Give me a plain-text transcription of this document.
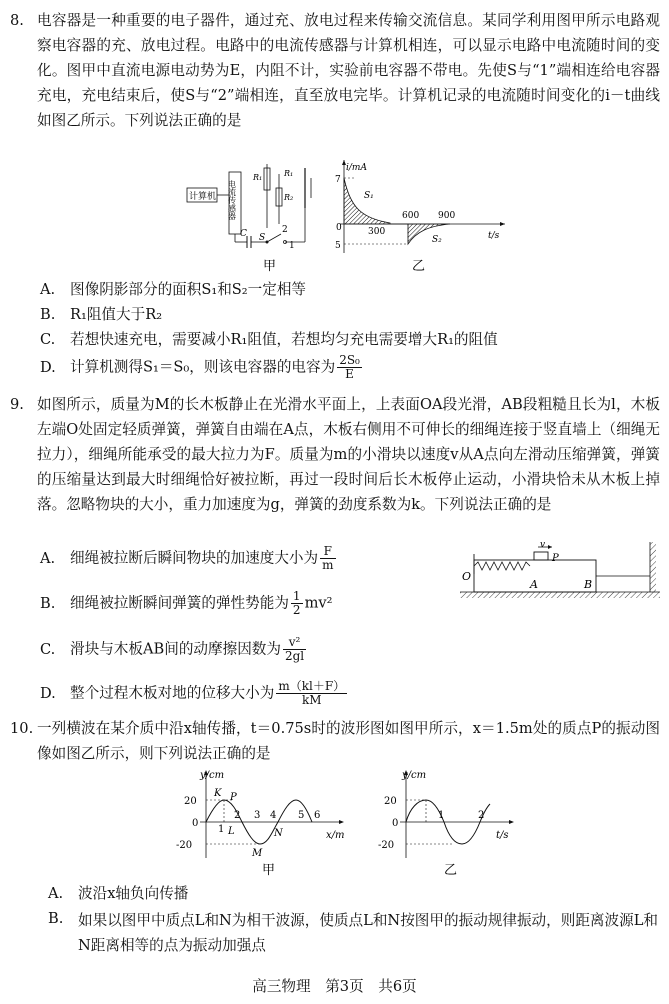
8. 电容器是一种重要的电子器件，通过充、放电过程来传输交流信息。某同学利用图甲所示电路观察电容器的充、放电过程。电路中的电流传感器与计算机相连，可以显示电路中电流随时间的变化。图甲中直流电源电动势为E，内阻不计，实验前电容器不带电。先使S与“1”端相连给电容器充电，充电结束后，使S与“2”端相连，直至放电完毕。计算机记录的电流随时间变化的i－t曲线如图乙所示。下列说法正确的是
计算机 电流传感器
C S
2
1
R₁
R₂
R₁
甲
i/mA
t/s
7
5
0	300
600 900
S₁
S₂
乙
A. 图像阴影部分的面积S₁和S₂一定相等
B. R₁阻值大于R₂
C. 若想快速充电，需要减小R₁阻值，若想均匀充电需要增大R₁的阻值
D. 计算机测得S₁＝S₀，则该电容器的电容为 $\frac{\text{2S₀}}{E}$
9. 如图所示，质量为M的长木板静止在光滑水平面上，上表面OA段光滑，AB段粗糙且长为l，木板左端O处固定轻质弹簧，弹簧自由端在A点，木板右侧用不可伸长的细绳连接于竖直墙上（细绳无拉力），细绳所能承受的最大拉力为F。质量为m的小滑块以速度v从A点向左滑动压缩弹簧，弹簧的压缩量达到最大时细绳恰好被拉断，再过一段时间后长木板停止运动，小滑块恰未从木板上掉落。忽略物块的大小，重力加速度为g，弹簧的劲度系数为k。下列说法正确的是
v
P
O
A	B
A. 细绳被拉断后瞬间物块的加速度大小为 $\frac{F}{m}$
B. 细绳被拉断瞬间弹簧的弹性势能为 $\frac{1}{2} mv^2$
C. 滑块与木板AB间的动摩擦因数为 $\frac{\text{v²}}{2gl}$
D. 整个过程木板对地的位移大小为 $\frac{m(kl+F)}{kM}$
10. 一列横波在某介质中沿x轴传播，t＝0.75s时的波形图如图甲所示，x＝1.5m处的质点P的振动图像如图乙所示，则下列说法正确的是
y/cm
x/m
20
0
-20
1
2 3 4 5 6
K P
L
M
N
甲
y/cm
t/s
20
0
-20
1	2
乙
A. 波沿x轴负向传播
B.	如果以图甲中质点L和N为相干波源，使质点L和N按图甲的振动规律振动，则距离波源L和N距离相等的点为振动加强点
高三物理　第3页　共6页
